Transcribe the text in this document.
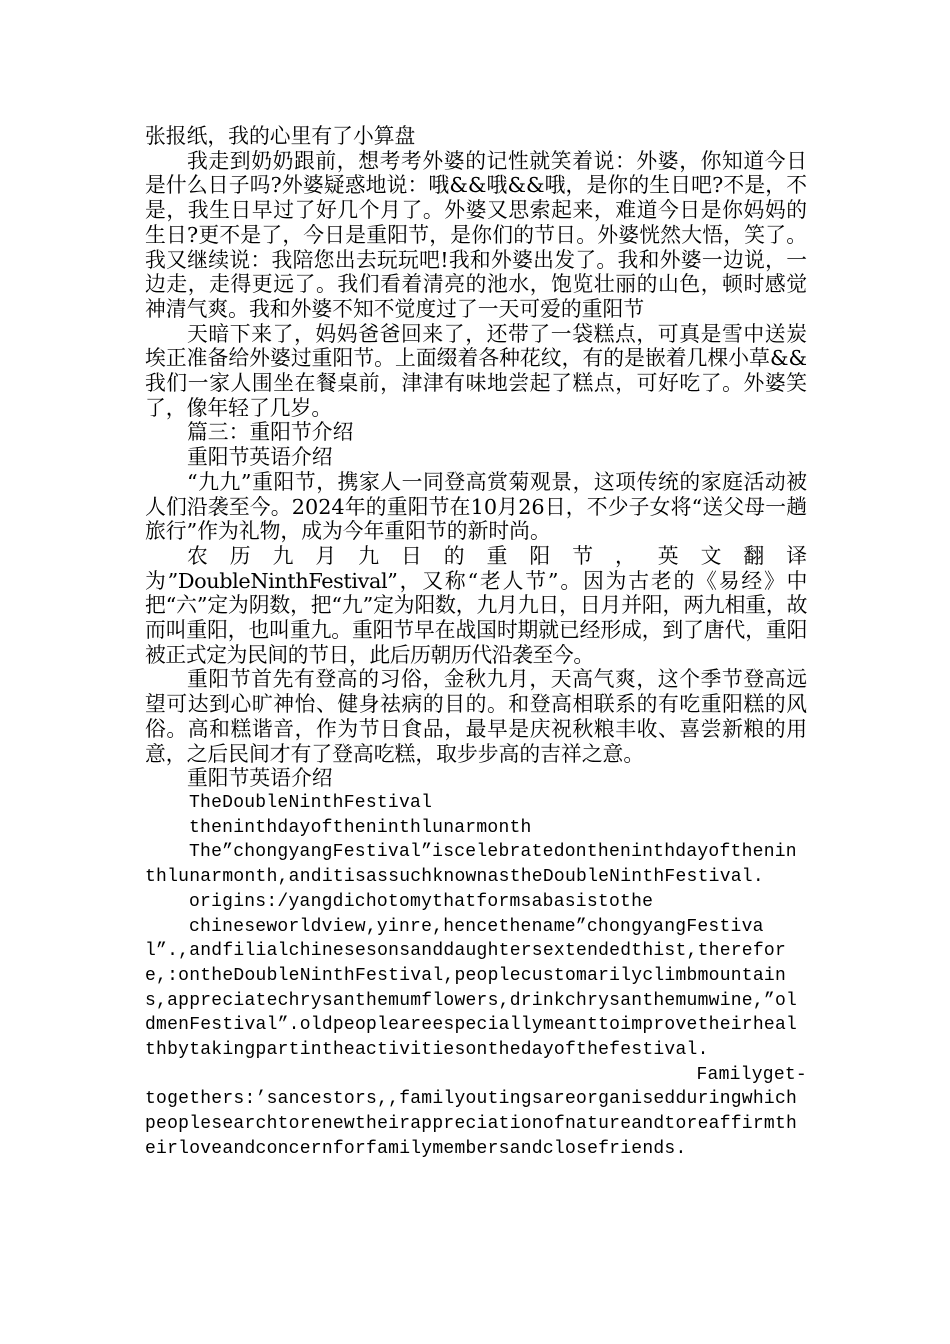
张报纸，我的心里有了小算盘

我走到奶奶跟前，想考考外婆的记性就笑着说：外婆，你知道今日是什么日子吗?外婆疑惑地说：哦&&哦&&哦，是你的生日吧?不是，不是，我生日早过了好几个月了。外婆又思索起来，难道今日是你妈妈的生日?更不是了，今日是重阳节，是你们的节日。外婆恍然大悟，笑了。我又继续说：我陪您出去玩玩吧!我和外婆出发了。我和外婆一边说，一边走，走得更远了。我们看着清亮的池水，饱览壮丽的山色，顿时感觉神清气爽。我和外婆不知不觉度过了一天可爱的重阳节

天暗下来了，妈妈爸爸回来了，还带了一袋糕点，可真是雪中送炭埃正准备给外婆过重阳节。上面缀着各种花纹，有的是嵌着几棵小草&&我们一家人围坐在餐桌前，津津有味地尝起了糕点，可好吃了。外婆笑了，像年轻了几岁。

篇三：重阳节介绍

重阳节英语介绍

“九九”重阳节，携家人一同登高赏菊观景，这项传统的家庭活动被人们沿袭至今。2024年的重阳节在10月26日，不少子女将“送父母一趟旅行”作为礼物，成为今年重阳节的新时尚。

农历九月九日的重阳节，英文翻译

为”DoubleNinthFestival”，又称“老人节”。因为古老的《易经》中把“六”定为阴数，把“九”定为阳数，九月九日，日月并阳，两九相重，故而叫重阳，也叫重九。重阳节早在战国时期就已经形成，到了唐代，重阳被正式定为民间的节日，此后历朝历代沿袭至今。

重阳节首先有登高的习俗，金秋九月，天高气爽，这个季节登高远望可达到心旷神怡、健身祛病的目的。和登高相联系的有吃重阳糕的风俗。高和糕谐音，作为节日食品，最早是庆祝秋粮丰收、喜尝新粮的用意，之后民间才有了登高吃糕，取步步高的吉祥之意。

重阳节英语介绍

TheDoubleNinthFestival

theninthdayoftheninthlunarmonth

The”chongyangFestival”iscelebratedontheninthdayoftheninthlunarmonth,anditisassuchknownastheDoubleNinthFestival.

origins:/yangdichotomythatformsabasistothe

chineseworldview,yinre,hencethename”chongyangFestival”.,andfilialchinesesonsanddaughtersextendedthist,therefore,:ontheDoubleNinthFestival,peoplecustomarilyclimbmountains,appreciatechrysanthemumflowers,drinkchrysanthemumwine,”oldmenFestival”.oldpeopleareespeciallymeanttoimprovetheirhealthbytakingpartintheactivitiesonthedayofthefestival.

Familyget-

togethers:’sancestors,,familyoutingsareorganisedduringwhichpeoplesearchtorenewtheirappreciationofnatureandtoreaffirmtheirloveandconcernforfamilymembersandclosefriends.
